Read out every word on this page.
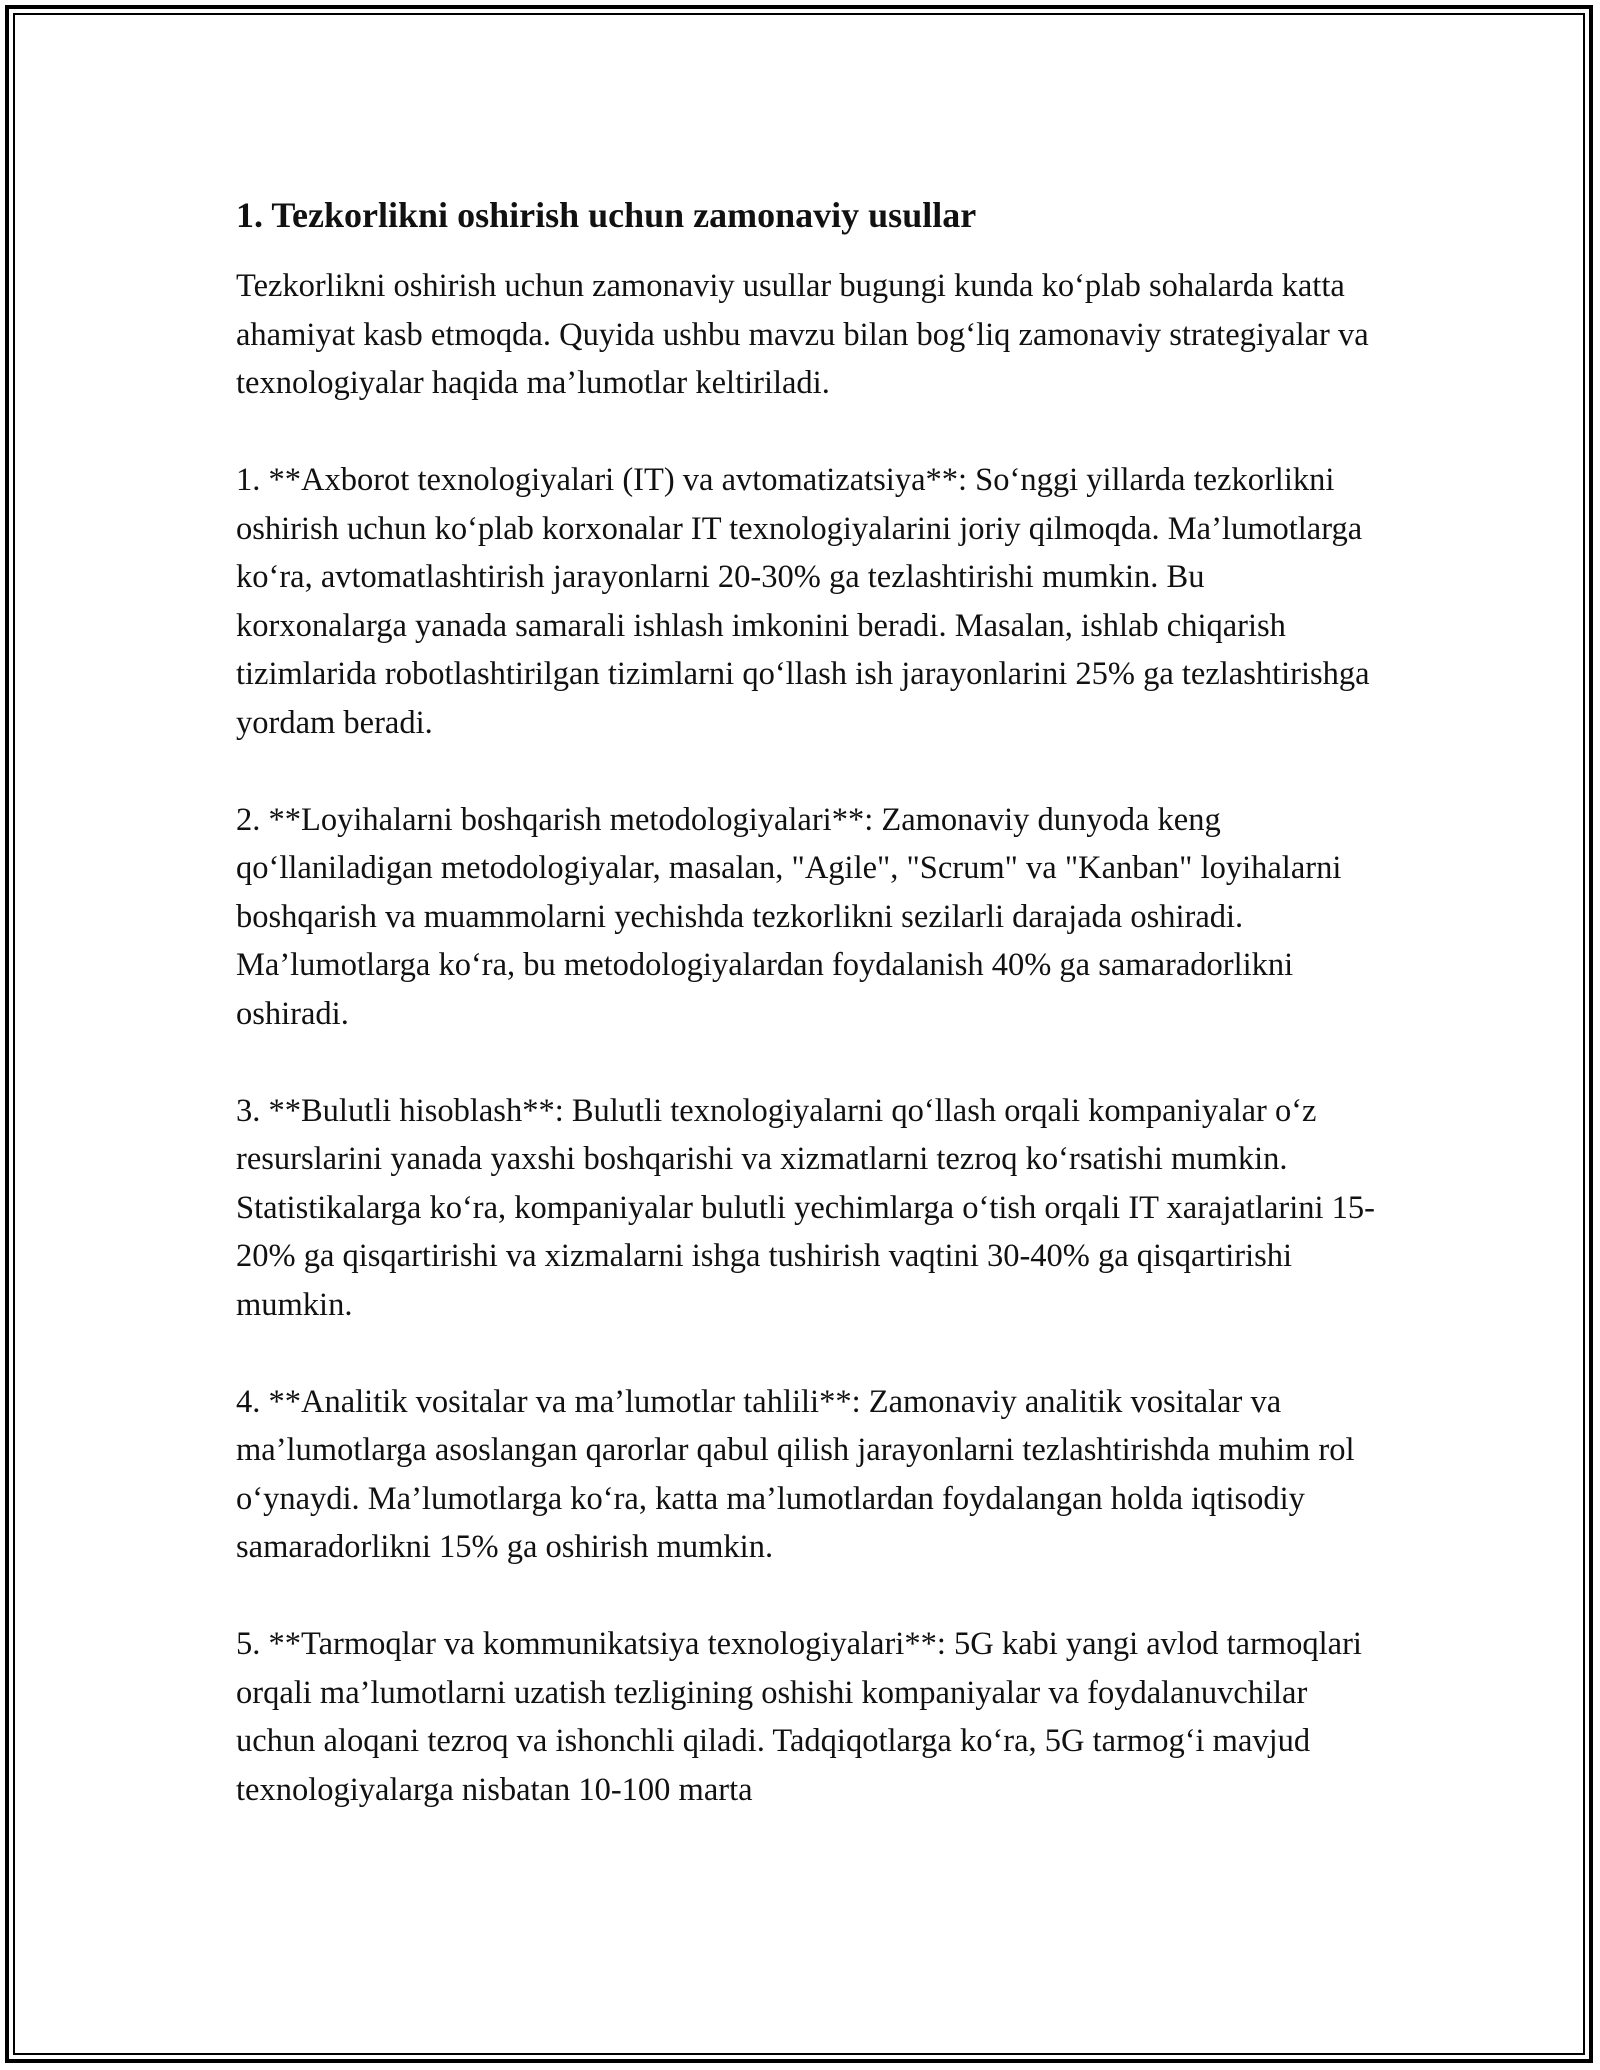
1. Tezkorlikni oshirish uchun zamonaviy usullar

Tezkorlikni oshirish uchun zamonaviy usullar bugungi kunda ko‘plab sohalarda katta ahamiyat kasb etmoqda. Quyida ushbu mavzu bilan bog‘liq zamonaviy strategiyalar va texnologiyalar haqida ma’lumotlar keltiriladi.

1. **Axborot texnologiyalari (IT) va avtomatizatsiya**: So‘nggi yillarda tezkorlikni oshirish uchun ko‘plab korxonalar IT texnologiyalarini joriy qilmoqda. Ma’lumotlarga ko‘ra, avtomatlashtirish jarayonlarni 20-30% ga tezlashtirishi mumkin. Bu korxonalarga yanada samarali ishlash imkonini beradi. Masalan, ishlab chiqarish tizimlarida robotlashtirilgan tizimlarni qo‘llash ish jarayonlarini 25% ga tezlashtirishga yordam beradi.

2. **Loyihalarni boshqarish metodologiyalari**: Zamonaviy dunyoda keng qo‘llaniladigan metodologiyalar, masalan, "Agile", "Scrum" va "Kanban" loyihalarni boshqarish va muammolarni yechishda tezkorlikni sezilarli darajada oshiradi. Ma’lumotlarga ko‘ra, bu metodologiyalardan foydalanish 40% ga samaradorlikni oshiradi.

3. **Bulutli hisoblash**: Bulutli texnologiyalarni qo‘llash orqali kompaniyalar o‘z resurslarini yanada yaxshi boshqarishi va xizmatlarni tezroq ko‘rsatishi mumkin. Statistikalarga ko‘ra, kompaniyalar bulutli yechimlarga o‘tish orqali IT xarajatlarini 15-20% ga qisqartirishi va xizmalarni ishga tushirish vaqtini 30-40% ga qisqartirishi mumkin.

4. **Analitik vositalar va ma’lumotlar tahlili**: Zamonaviy analitik vositalar va ma’lumotlarga asoslangan qarorlar qabul qilish jarayonlarni tezlashtirishda muhim rol o‘ynaydi. Ma’lumotlarga ko‘ra, katta ma’lumotlardan foydalangan holda iqtisodiy samaradorlikni 15% ga oshirish mumkin.

5. **Tarmoqlar va kommunikatsiya texnologiyalari**: 5G kabi yangi avlod tarmoqlari orqali ma’lumotlarni uzatish tezligining oshishi kompaniyalar va foydalanuvchilar uchun aloqani tezroq va ishonchli qiladi. Tadqiqotlarga ko‘ra, 5G tarmog‘i mavjud texnologiyalarga nisbatan 10-100 marta
